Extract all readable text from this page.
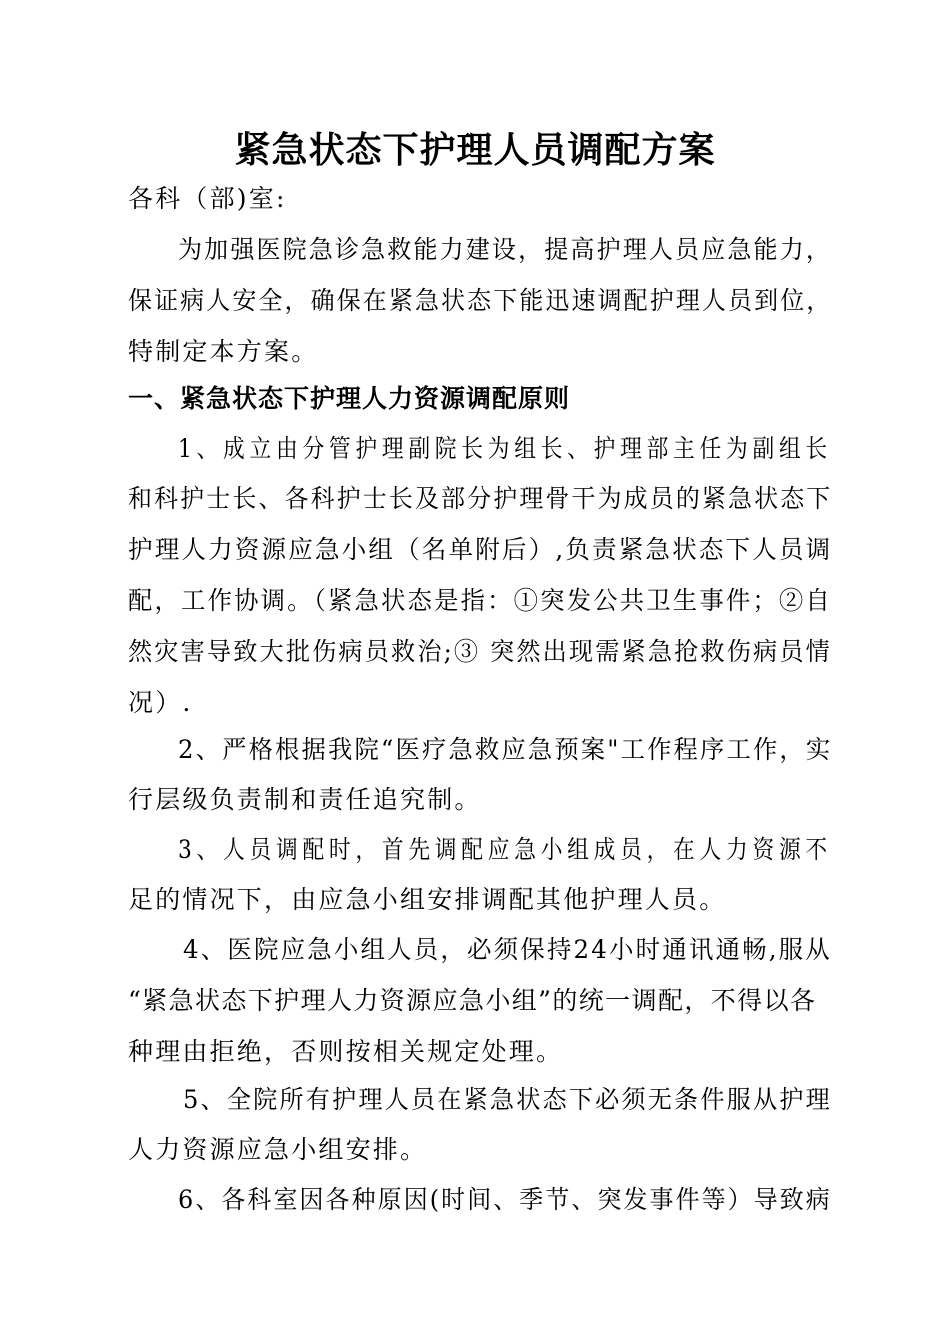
紧急状态下护理人员调配方案
各科（部)室:
为加强医院急诊急救能力建设，提高护理人员应急能力，
保证病人安全，确保在紧急状态下能迅速调配护理人员到位，
特制定本方案。
一、紧急状态下护理人力资源调配原则
1、成立由分管护理副院长为组长、护理部主任为副组长
和科护士长、各科护士长及部分护理骨干为成员的紧急状态下
护理人力资源应急小组（名单附后）,负责紧急状态下人员调
配，工作协调。（紧急状态是指：①突发公共卫生事件；②自
然灾害导致大批伤病员救治;③ 突然出现需紧急抢救伤病员情
况）.
2、严格根据我院“医疗急救应急预案"工作程序工作，实
行层级负责制和责任追究制。
3、人员调配时，首先调配应急小组成员，在人力资源不
足的情况下，由应急小组安排调配其他护理人员。
4、医院应急小组人员，必须保持24小时通讯通畅,服从
“紧急状态下护理人力资源应急小组”的统一调配，不得以各
种理由拒绝，否则按相关规定处理。
5、全院所有护理人员在紧急状态下必须无条件服从护理
人力资源应急小组安排。
6、各科室因各种原因(时间、季节、突发事件等）导致病
